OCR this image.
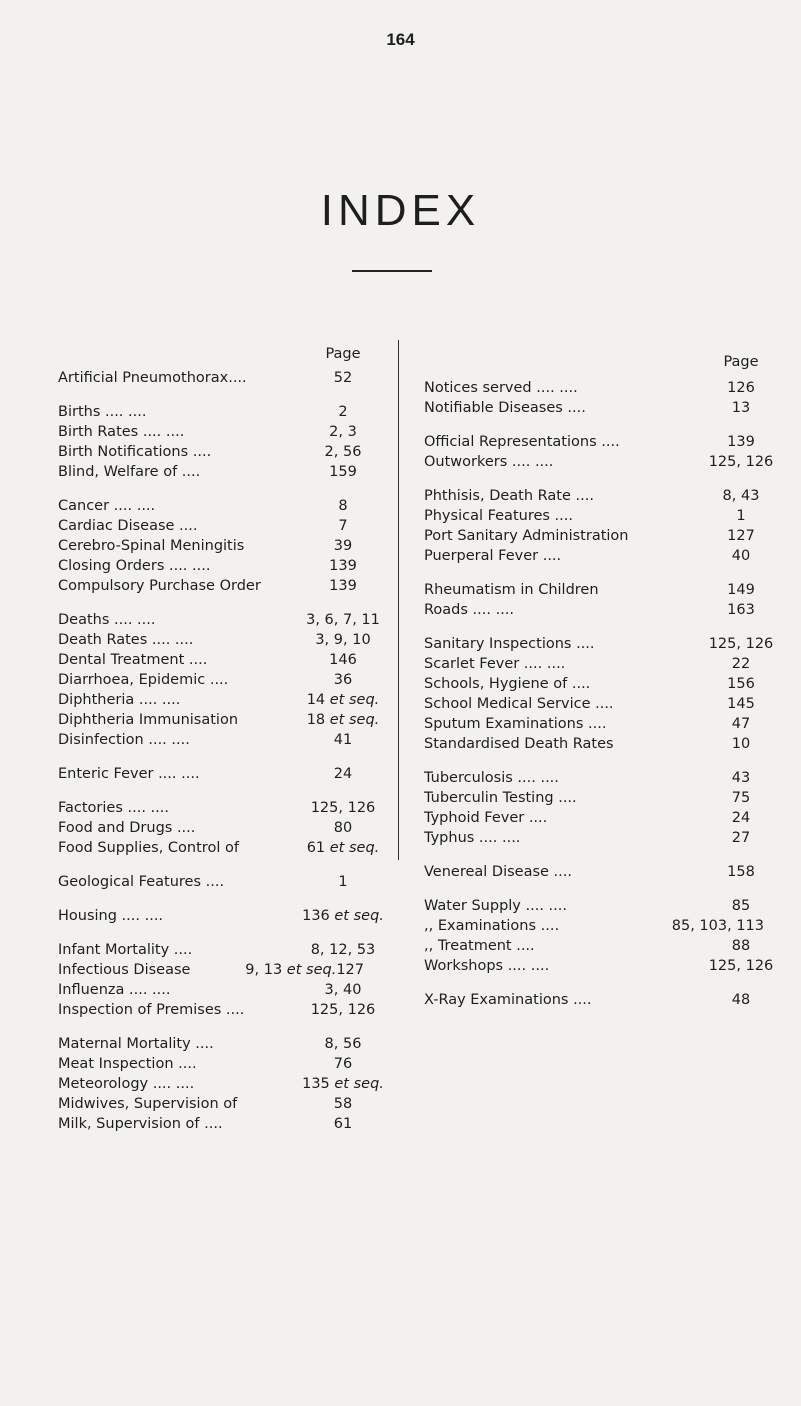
164
INDEX
Page
Artificial Pneumothorax....	52
Births .... ....	2
Birth Rates .... ....	2, 3
Birth Notifications ....	2, 56
Blind, Welfare of ....	159
Cancer .... ....	8
Cardiac Disease ....	7
Cerebro-Spinal Meningitis	39
Closing Orders .... ....	139
Compulsory Purchase Order	139
Deaths .... ....	3, 6, 7, 11
Death Rates .... ....	3, 9, 10
Dental Treatment ....	146
Diarrhoea, Epidemic ....	36
Diphtheria .... ....	14 et seq.
Diphtheria Immunisation	18 et seq.
Disinfection .... ....	41
Enteric Fever .... ....	24
Factories .... ....	125, 126
Food and Drugs ....	80
Food Supplies, Control of	61 et seq.
Geological Features ....	1
Housing .... ....	136 et seq.
Infant Mortality ....	8, 12, 53
Infectious Disease	9, 13 et seq.127
Influenza .... ....	3, 40
Inspection of Premises ....	125, 126
Maternal Mortality ....	8, 56
Meat Inspection ....	76
Meteorology .... ....	135 et seq.
Midwives, Supervision of	58
Milk, Supervision of ....	61
Page
Notices served .... ....	126
Notifiable Diseases ....	13
Official Representations ....	139
Outworkers .... ....	125, 126
Phthisis, Death Rate ....	8, 43
Physical Features ....	1
Port Sanitary Administration	127
Puerperal Fever ....	40
Rheumatism in Children	149
Roads .... ....	163
Sanitary Inspections ....	125, 126
Scarlet Fever .... ....	22
Schools, Hygiene of ....	156
School Medical Service ....	145
Sputum Examinations ....	47
Standardised Death Rates	10
Tuberculosis .... ....	43
Tuberculin Testing ....	75
Typhoid Fever ....	24
Typhus .... ....	27
Venereal Disease ....	158
Water Supply .... ....	85
,, Examinations ....	85, 103, 113
,, Treatment ....	88
Workshops .... ....	125, 126
X-Ray Examinations ....	48
